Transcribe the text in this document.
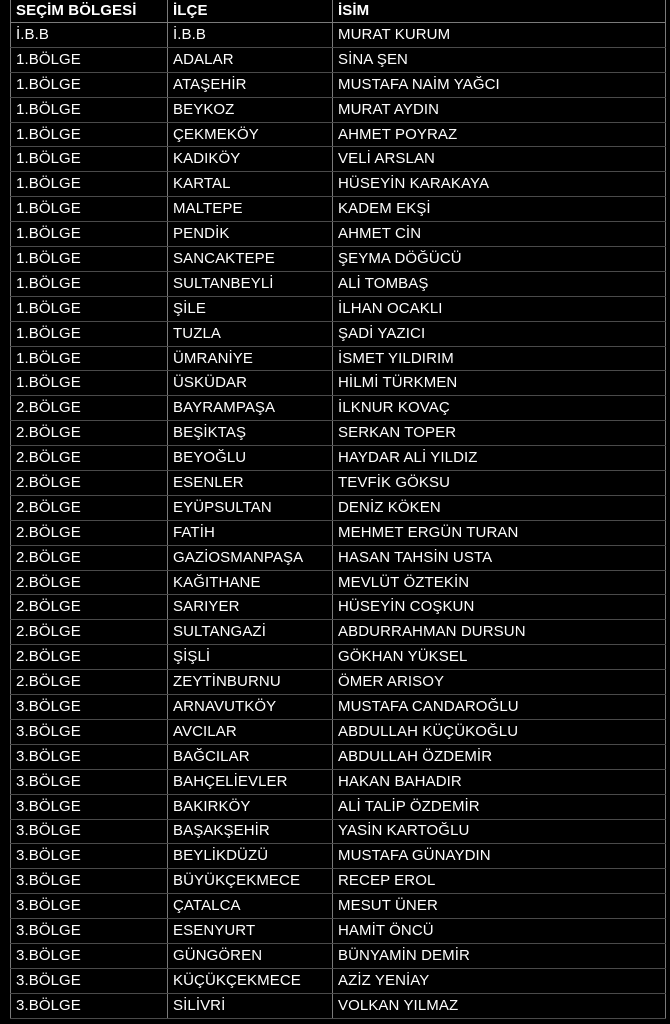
SEÇİM BÖLGESİ	İLÇE	İSİM
İ.B.B	İ.B.B	MURAT KURUM
1.BÖLGE	ADALAR	SİNA ŞEN
1.BÖLGE	ATAŞEHİR	MUSTAFA NAİM YAĞCI
1.BÖLGE	BEYKOZ	MURAT AYDIN
1.BÖLGE	ÇEKMEKÖY	AHMET POYRAZ
1.BÖLGE	KADIKÖY	VELİ ARSLAN
1.BÖLGE	KARTAL	HÜSEYİN KARAKAYA
1.BÖLGE	MALTEPE	KADEM EKŞİ
1.BÖLGE	PENDİK	AHMET CİN
1.BÖLGE	SANCAKTEPE	ŞEYMA DÖĞÜCÜ
1.BÖLGE	SULTANBEYLİ	ALİ TOMBAŞ
1.BÖLGE	ŞİLE	İLHAN OCAKLI
1.BÖLGE	TUZLA	ŞADİ YAZICI
1.BÖLGE	ÜMRANİYE	İSMET YILDIRIM
1.BÖLGE	ÜSKÜDAR	HİLMİ TÜRKMEN
2.BÖLGE	BAYRAMPAŞA	İLKNUR KOVAÇ
2.BÖLGE	BEŞİKTAŞ	SERKAN TOPER
2.BÖLGE	BEYOĞLU	HAYDAR ALİ YILDIZ
2.BÖLGE	ESENLER	TEVFİK GÖKSU
2.BÖLGE	EYÜPSULTAN	DENİZ KÖKEN
2.BÖLGE	FATİH	MEHMET ERGÜN TURAN
2.BÖLGE	GAZİOSMANPAŞA	HASAN TAHSİN USTA
2.BÖLGE	KAĞITHANE	MEVLÜT ÖZTEKİN
2.BÖLGE	SARIYER	HÜSEYİN COŞKUN
2.BÖLGE	SULTANGAZİ	ABDURRAHMAN DURSUN
2.BÖLGE	ŞİŞLİ	GÖKHAN YÜKSEL
2.BÖLGE	ZEYTİNBURNU	ÖMER ARISOY
3.BÖLGE	ARNAVUTKÖY	MUSTAFA CANDAROĞLU
3.BÖLGE	AVCILAR	ABDULLAH KÜÇÜKOĞLU
3.BÖLGE	BAĞCILAR	ABDULLAH ÖZDEMİR
3.BÖLGE	BAHÇELİEVLER	HAKAN BAHADIR
3.BÖLGE	BAKIRKÖY	ALİ TALİP ÖZDEMİR
3.BÖLGE	BAŞAKŞEHİR	YASİN KARTOĞLU
3.BÖLGE	BEYLİKDÜZÜ	MUSTAFA GÜNAYDIN
3.BÖLGE	BÜYÜKÇEKMECE	RECEP EROL
3.BÖLGE	ÇATALCA	MESUT ÜNER
3.BÖLGE	ESENYURT	HAMİT ÖNCÜ
3.BÖLGE	GÜNGÖREN	BÜNYAMİN DEMİR
3.BÖLGE	KÜÇÜKÇEKMECE	AZİZ YENİAY
3.BÖLGE	SİLİVRİ	VOLKAN YILMAZ
